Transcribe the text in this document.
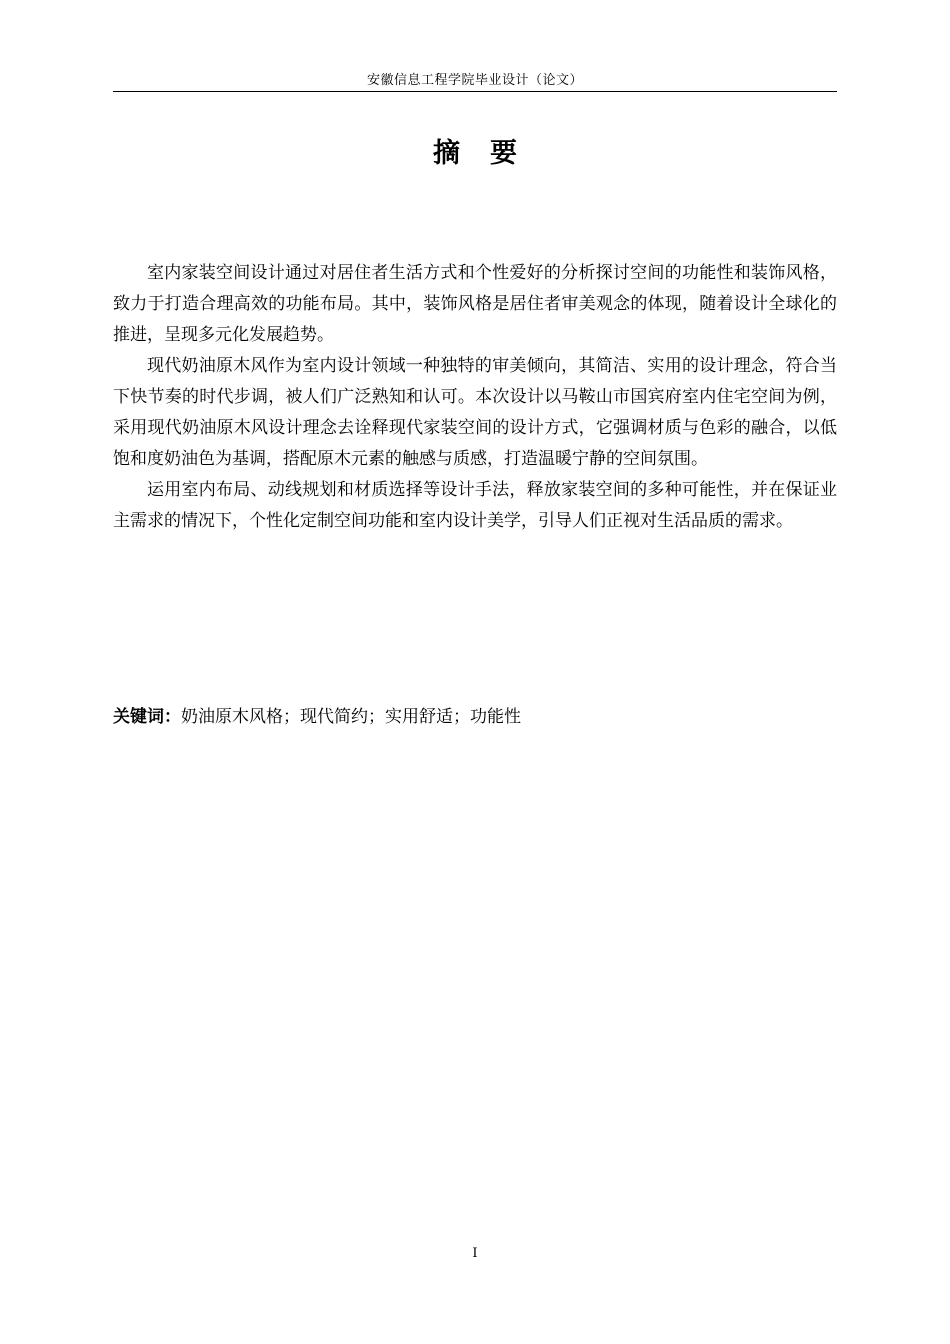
安徽信息工程学院毕业设计（论文）
摘要

室内家装空间设计通过对居住者生活方式和个性爱好的分析探讨空间的功能性和装饰风格，致力于打造合理高效的功能布局。其中，装饰风格是居住者审美观念的体现，随着设计全球化的推进，呈现多元化发展趋势。

现代奶油原木风作为室内设计领域一种独特的审美倾向，其简洁、实用的设计理念，符合当下快节奏的时代步调，被人们广泛熟知和认可。本次设计以马鞍山市国宾府室内住宅空间为例，采用现代奶油原木风设计理念去诠释现代家装空间的设计方式，它强调材质与色彩的融合，以低饱和度奶油色为基调，搭配原木元素的触感与质感，打造温暖宁静的空间氛围。

运用室内布局、动线规划和材质选择等设计手法，释放家装空间的多种可能性，并在保证业主需求的情况下，个性化定制空间功能和室内设计美学，引导人们正视对生活品质的需求。

关键词：奶油原木风格；现代简约；实用舒适；功能性
I
